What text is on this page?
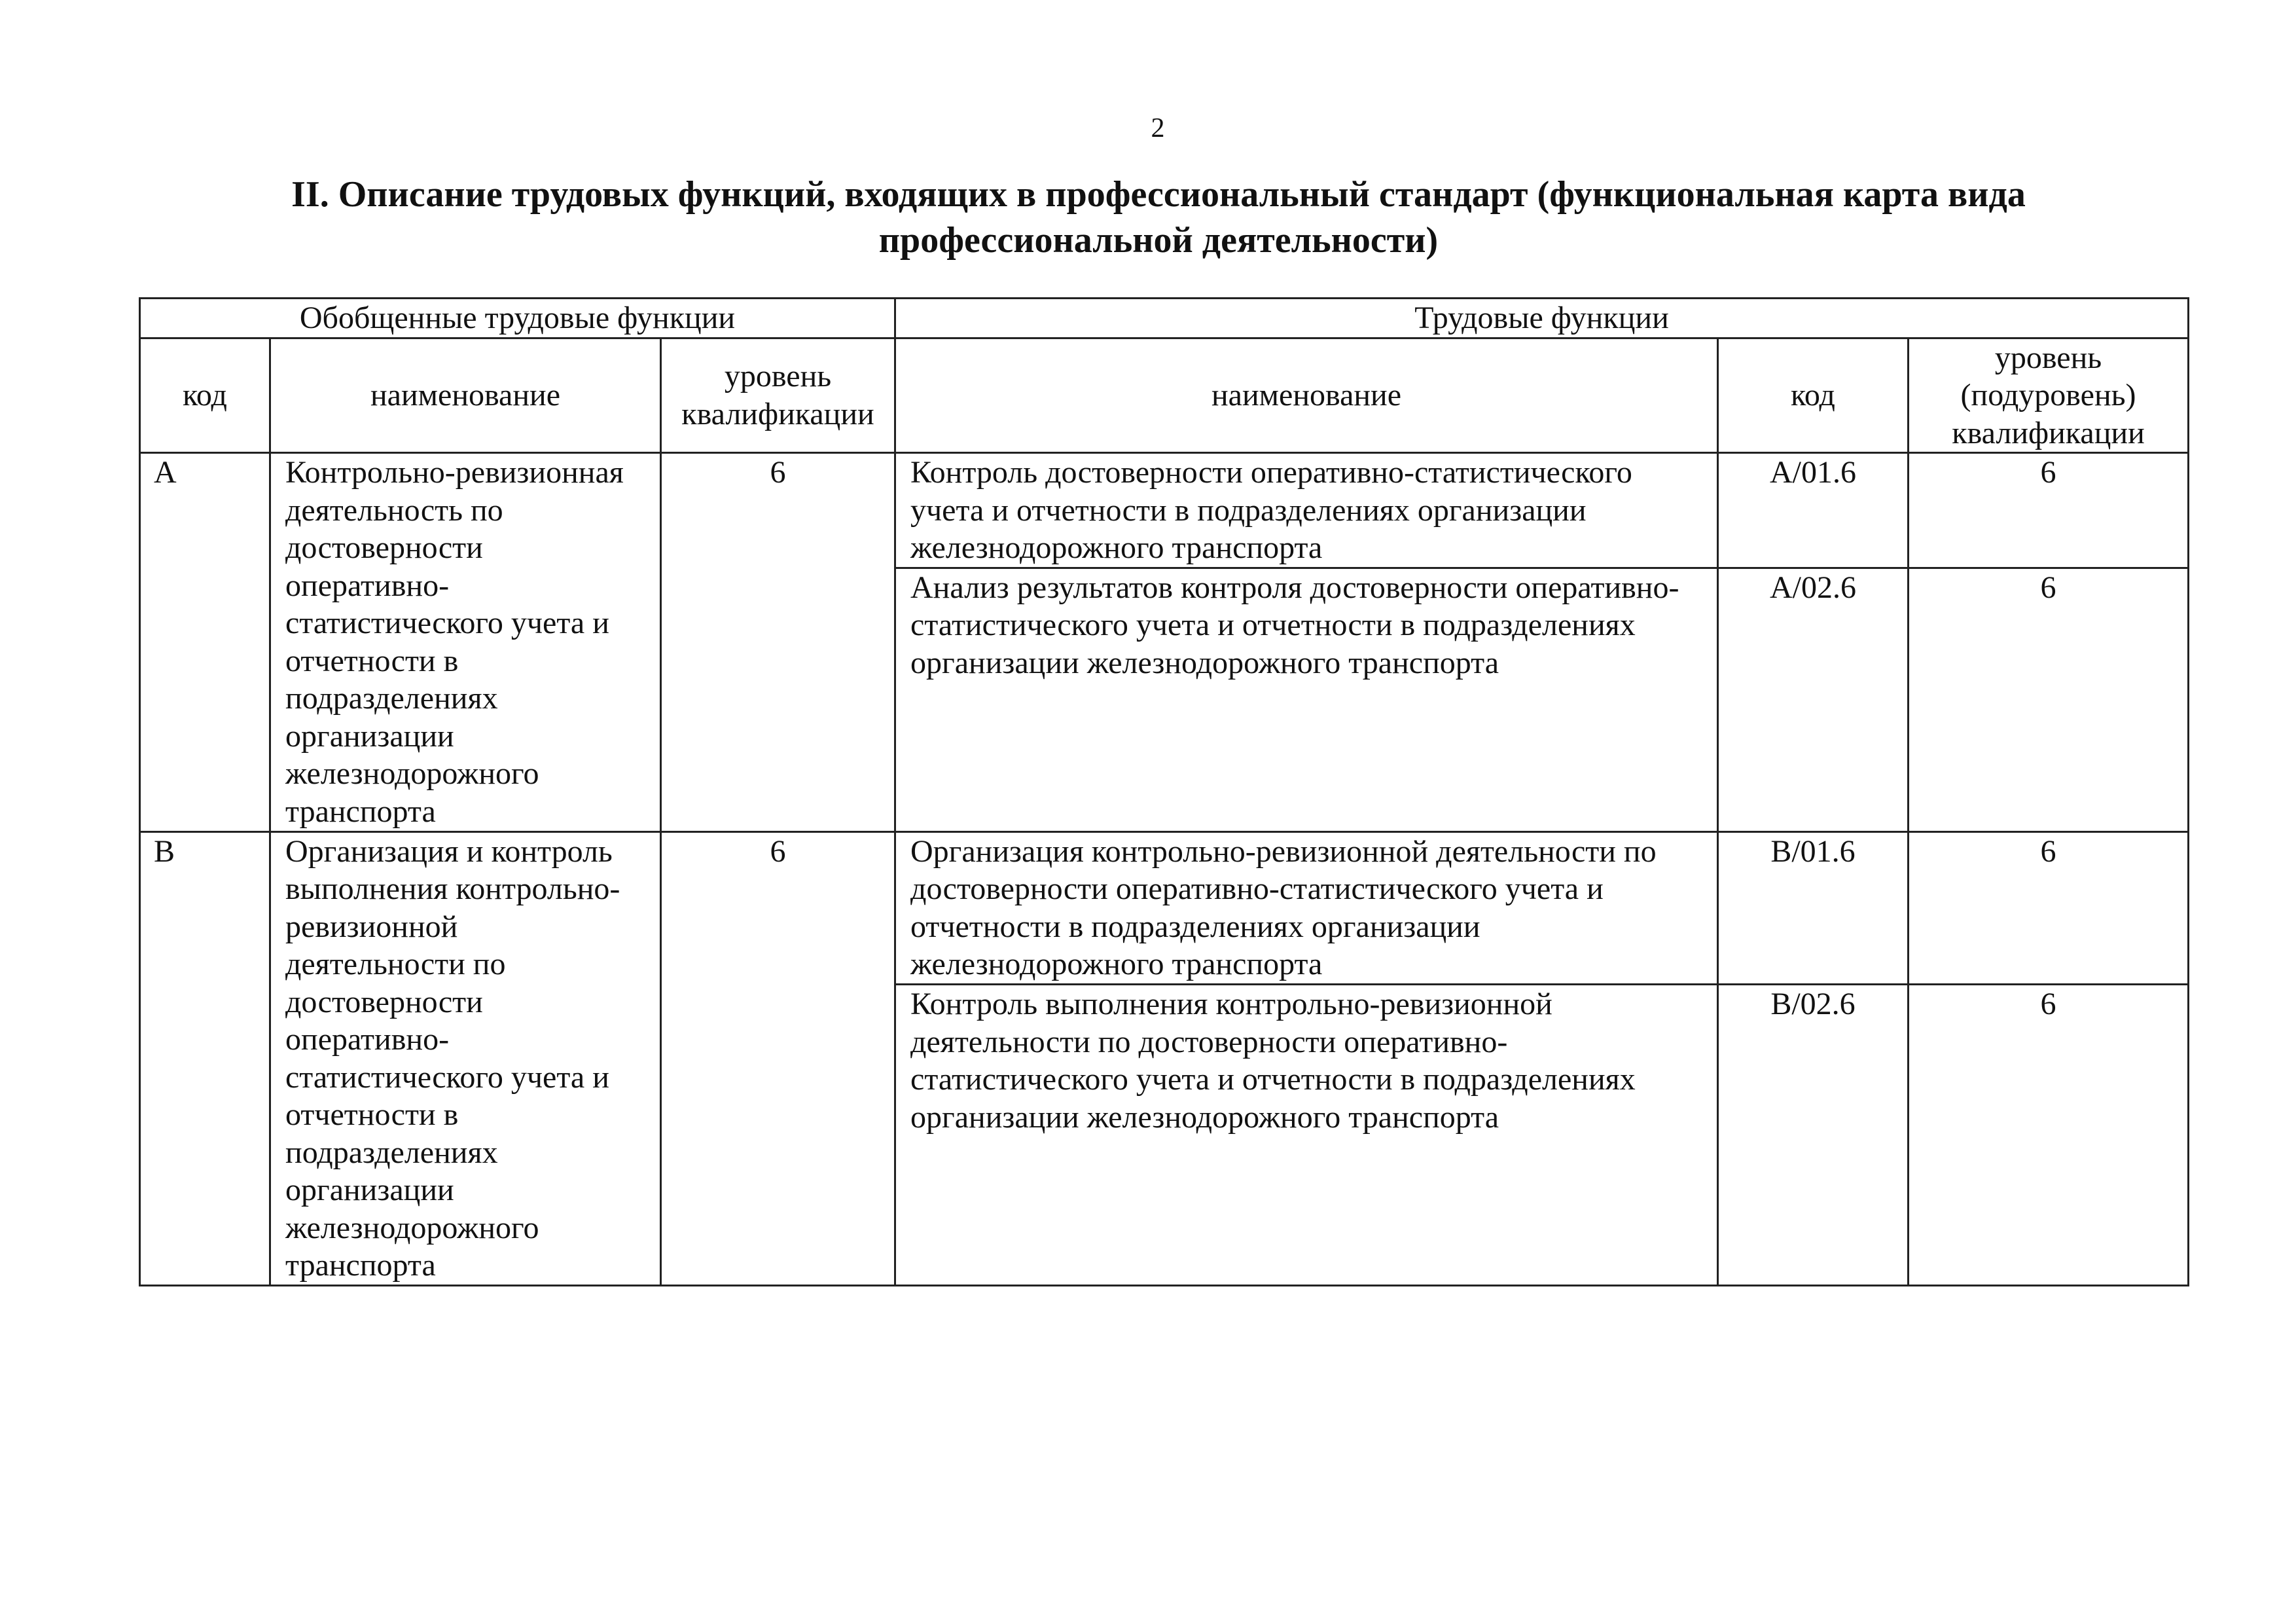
2
II. Описание трудовых функций, входящих в профессиональный стандарт (функциональная карта вида профессиональной деятельности)
Обобщенные трудовые функции			Трудовые функции		
код	наименование	уровень квалификации	наименование	код	уровень (подуровень) квалификации
A	Контрольно-ревизионная деятельность по достоверности оперативно-статистического учета и отчетности в подразделениях организации железнодорожного транспорта	6	Контроль достоверности оперативно-статистического учета и отчетности в подразделениях организации железнодорожного транспорта	A/01.6	6
			Анализ результатов контроля достоверности оперативно-статистического учета и отчетности в подразделениях организации железнодорожного транспорта	A/02.6	6
B	Организация и контроль выполнения контрольно-ревизионной деятельности по достоверности оперативно-статистического учета и отчетности в подразделениях организации железнодорожного транспорта	6	Организация контрольно-ревизионной деятельности по достоверности оперативно-статистического учета и отчетности в подразделениях организации железнодорожного транспорта	B/01.6	6
			Контроль выполнения контрольно-ревизионной деятельности по достоверности оперативно-статистического учета и отчетности в подразделениях организации железнодорожного транспорта	B/02.6	6
